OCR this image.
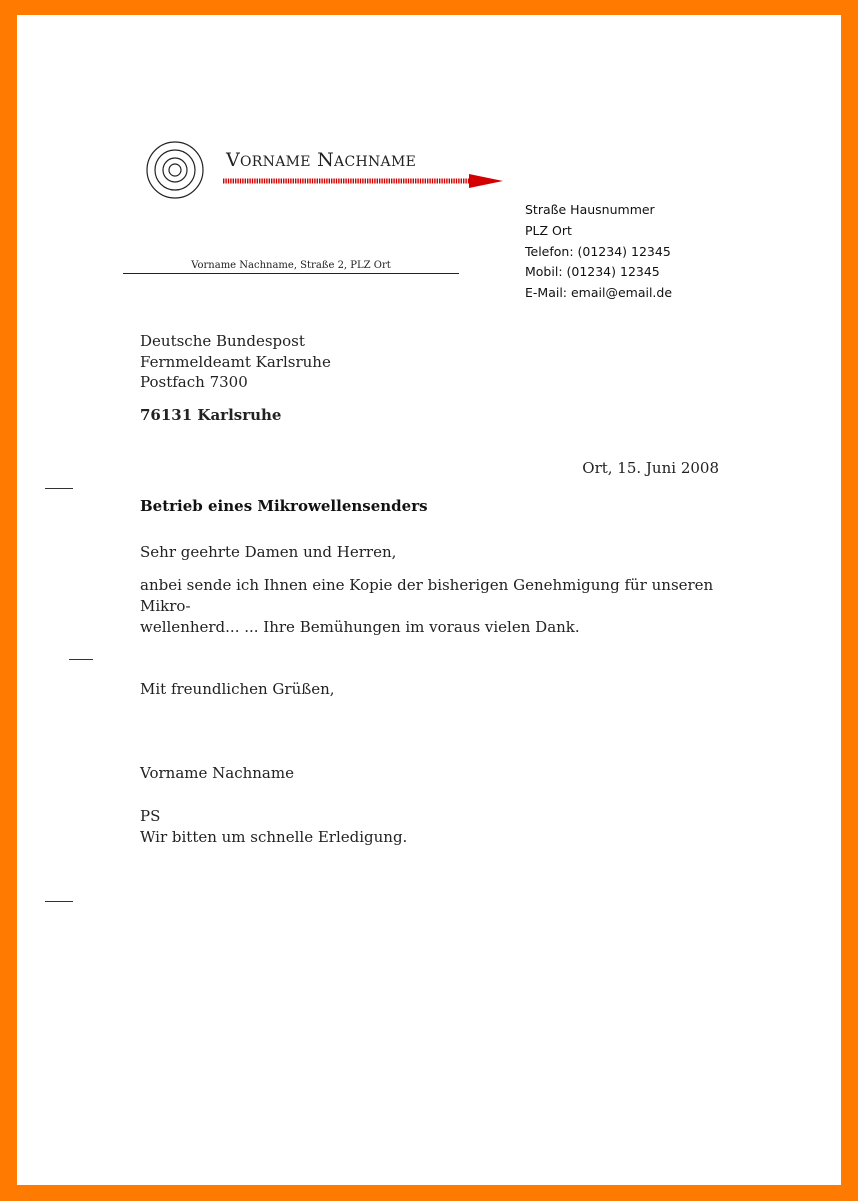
VORNAME NACHNAME
Vorname Nachname, Straße 2, PLZ Ort
Straße Hausnummer
PLZ Ort
Telefon: (01234) 12345
Mobil: (01234) 12345
E-Mail: email@email.de
Deutsche Bundespost
Fernmeldeamt Karlsruhe
Postfach 7300
76131 Karlsruhe
Ort, 15. Juni 2008
Betrieb eines Mikrowellensenders
Sehr geehrte Damen und Herren,
anbei sende ich Ihnen eine Kopie der bisherigen Genehmigung für unseren Mikro-
wellenherd... ... Ihre Bemühungen im voraus vielen Dank.
Mit freundlichen Grüßen,
Vorname Nachname
PS
Wir bitten um schnelle Erledigung.
